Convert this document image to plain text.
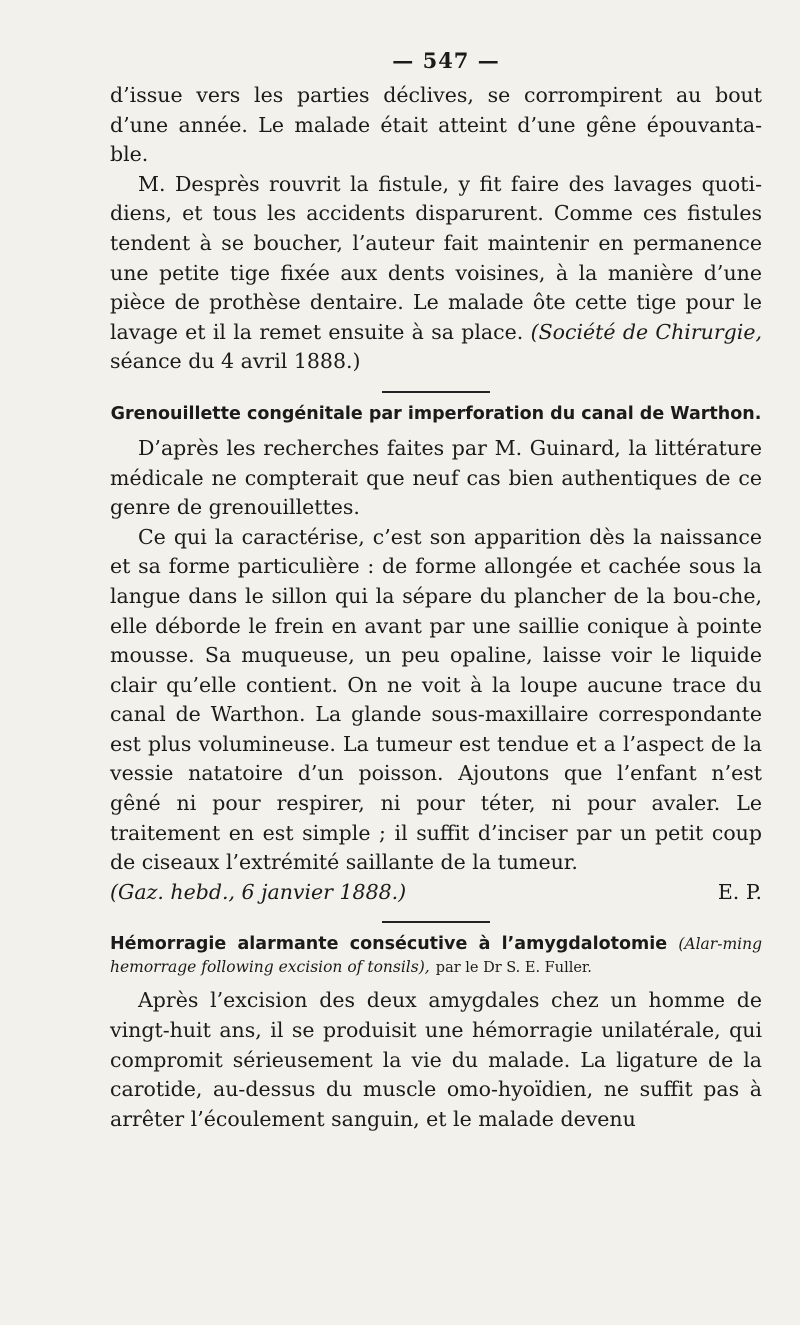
— 547 —

d’issue vers les parties déclives, se corrompirent au bout d’une année. Le malade était atteint d’une gêne épouvanta-ble.

M. Desprès rouvrit la fistule, y fit faire des lavages quoti-diens, et tous les accidents disparurent. Comme ces fistules tendent à se boucher, l’auteur fait maintenir en permanence une petite tige fixée aux dents voisines, à la manière d’une pièce de prothèse dentaire. Le malade ôte cette tige pour le lavage et il la remet ensuite à sa place. (Société de Chirurgie, séance du 4 avril 1888.)

Grenouillette congénitale par imperforation du canal de Warthon.

D’après les recherches faites par M. Guinard, la littérature médicale ne compterait que neuf cas bien authentiques de ce genre de grenouillettes.

Ce qui la caractérise, c’est son apparition dès la naissance et sa forme particulière : de forme allongée et cachée sous la langue dans le sillon qui la sépare du plancher de la bou-che, elle déborde le frein en avant par une saillie conique à pointe mousse. Sa muqueuse, un peu opaline, laisse voir le liquide clair qu’elle contient. On ne voit à la loupe aucune trace du canal de Warthon. La glande sous-maxillaire correspondante est plus volumineuse. La tumeur est tendue et a l’aspect de la vessie natatoire d’un poisson. Ajoutons que l’enfant n’est gêné ni pour respirer, ni pour téter, ni pour avaler. Le traitement en est simple ; il suffit d’inciser par un petit coup de ciseaux l’extrémité saillante de la tumeur.

(Gaz. hebd., 6 janvier 1888.)	E. P.
Hémorragie alarmante consécutive à l’amygdalotomie (Alar-ming hemorrage following excision of tonsils), par le Dr S. E. Fuller.

Après l’excision des deux amygdales chez un homme de vingt-huit ans, il se produisit une hémorragie unilatérale, qui compromit sérieusement la vie du malade. La ligature de la carotide, au-dessus du muscle omo-hyoïdien, ne suffit pas à arrêter l’écoulement sanguin, et le malade devenu
